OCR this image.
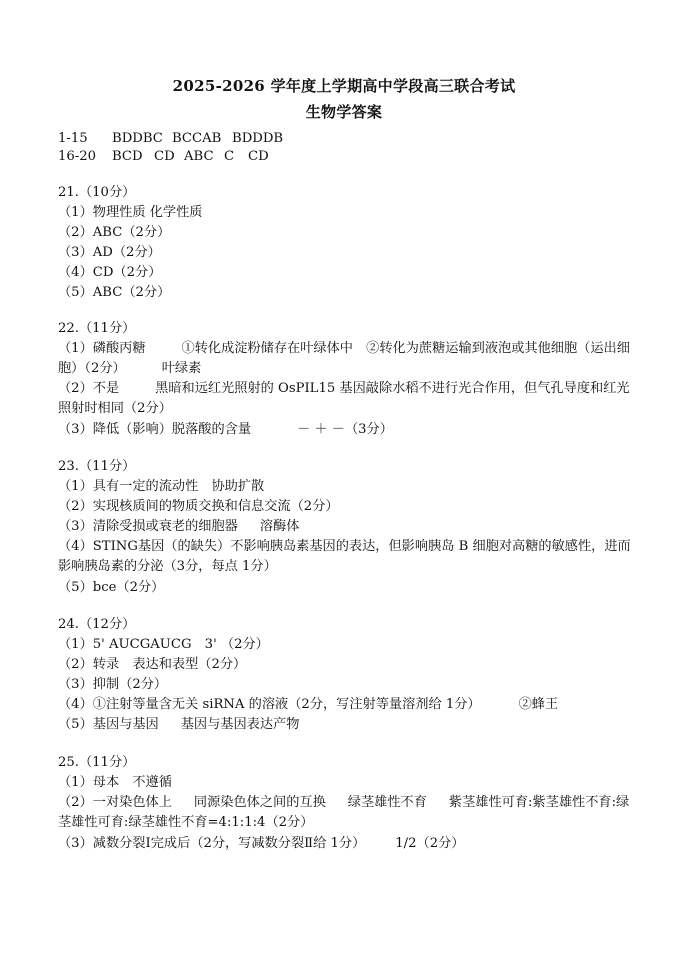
2025-2026 学年度上学期高中学段高三联合考试
生物学答案
1-15 BDDBC BCCAB BDDDB
16-20 BCD CD ABC C CD
21.（10分）
（1）物理性质 化学性质
（2）ABC（2分）
（3）AD（2分）
（4）CD（2分）
（5）ABC（2分）
22.（11分）
（1）磷酸丙糖	①转化成淀粉储存在叶绿体中　②转化为蔗糖运输到液泡或其他细胞（运出细胞）（2分）	叶绿素
（2）不是	黑暗和远红光照射的 OsPIL15 基因敲除水稻不进行光合作用，但气孔导度和红光照射时相同（2分）
（3）降低（影响）脱落酸的含量	－ ＋ －（3分）
23.（11分）
（1）具有一定的流动性　协助扩散
（2）实现核质间的物质交换和信息交流（2分）
（3）清除受损或衰老的细胞器 溶酶体
（4）STING基因（的缺失）不影响胰岛素基因的表达，但影响胰岛 B 细胞对高糖的敏感性，进而影响胰岛素的分泌（3分，每点 1分）
（5）bce（2分）
24.（12分）
（1）5' AUCGAUCG　3' （2分）
（2）转录　表达和表型（2分）
（3）抑制（2分）
（4）①注射等量含无关 siRNA 的溶液（2分，写注射等量溶剂给 1分）	②蜂王
（5）基因与基因 基因与基因表达产物
25.（11分）
（1）母本　不遵循
（2）一对染色体上 同源染色体之间的互换 绿茎雄性不育 紫茎雄性可育:紫茎雄性不育:绿茎雄性可育:绿茎雄性不育=4:1:1:4（2分）
（3）减数分裂Ⅰ完成后（2分，写减数分裂Ⅱ给 1分） 1/2（2分）
